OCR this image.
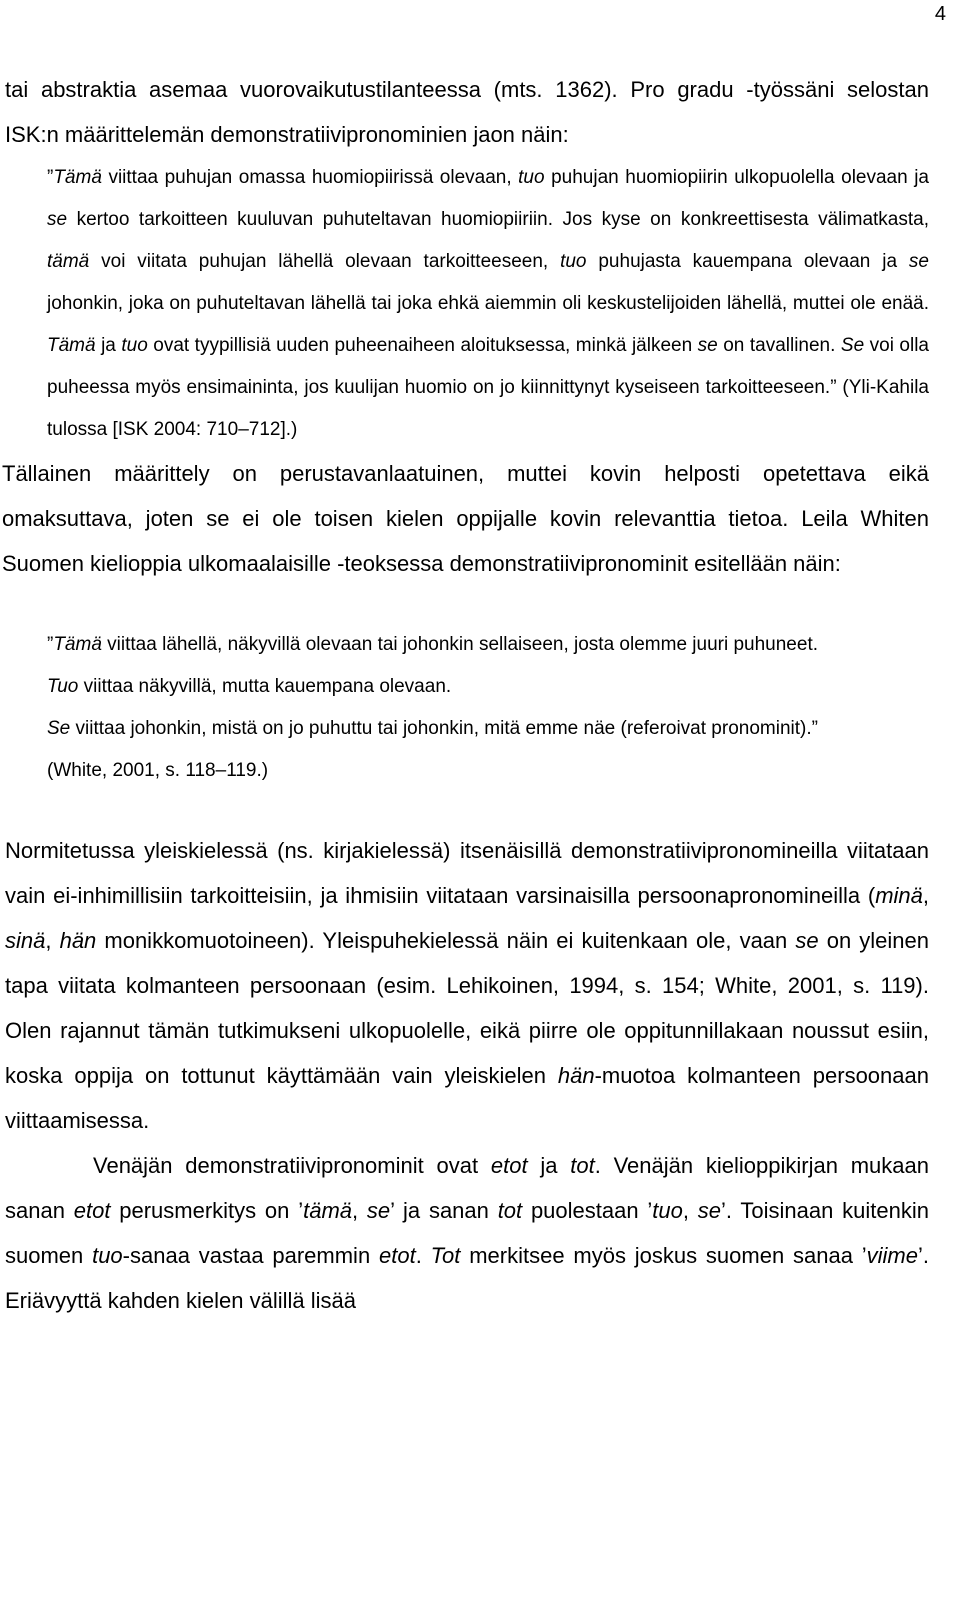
4

tai abstraktia asemaa vuorovaikutustilanteessa (mts. 1362). Pro gradu -työssäni selostan ISK:n määrittelemän demonstratiivipronominien jaon näin:

”Tämä viittaa puhujan omassa huomiopiirissä olevaan, tuo puhujan huomiopiirin ulkopuolella olevaan ja se kertoo tarkoitteen kuuluvan puhuteltavan huomiopiiriin. Jos kyse on konkreettisesta välimatkasta, tämä voi viitata puhujan lähellä olevaan tarkoitteeseen, tuo puhujasta kauempana olevaan ja se johonkin, joka on puhuteltavan lähellä tai joka ehkä aiemmin oli keskustelijoiden lähellä, muttei ole enää. Tämä ja tuo ovat tyypillisiä uuden puheenaiheen aloituksessa, minkä jälkeen se on tavallinen. Se voi olla puheessa myös ensimaininta, jos kuulijan huomio on jo kiinnittynyt kyseiseen tarkoitteeseen.” (Yli-Kahila tulossa [ISK 2004: 710–712].)

Tällainen määrittely on perustavanlaatuinen, muttei kovin helposti opetettava eikä omaksuttava, joten se ei ole toisen kielen oppijalle kovin relevanttia tietoa. Leila Whiten Suomen kielioppia ulkomaalaisille -teoksessa demonstratiivipronominit esitellään näin:

”Tämä viittaa lähellä, näkyvillä olevaan tai johonkin sellaiseen, josta olemme juuri puhuneet.

Tuo viittaa näkyvillä, mutta kauempana olevaan.

Se viittaa johonkin, mistä on jo puhuttu tai johonkin, mitä emme näe (referoivat pronominit).”

(White, 2001, s. 118–119.)

Normitetussa yleiskielessä (ns. kirjakielessä) itsenäisillä demonstratiivipronomineilla viitataan vain ei-inhimillisiin tarkoitteisiin, ja ihmisiin viitataan varsinaisilla persoonapronomineilla (minä, sinä, hän monikkomuotoineen). Yleispuhekielessä näin ei kuitenkaan ole, vaan se on yleinen tapa viitata kolmanteen persoonaan (esim. Lehikoinen, 1994, s. 154; White, 2001, s. 119). Olen rajannut tämän tutkimukseni ulkopuolelle, eikä piirre ole oppitunnillakaan noussut esiin, koska oppija on tottunut käyttämään vain yleiskielen hän-muotoa kolmanteen persoonaan viittaamisessa.

Venäjän demonstratiivipronominit ovat etot ja tot. Venäjän kielioppikirjan mukaan sanan etot perusmerkitys on ’tämä, se’ ja sanan tot puolestaan ’tuo, se’. Toisinaan kuitenkin suomen tuo-sanaa vastaa paremmin etot. Tot merkitsee myös joskus suomen sanaa ’viime’. Eriävyyttä kahden kielen välillä lisää
